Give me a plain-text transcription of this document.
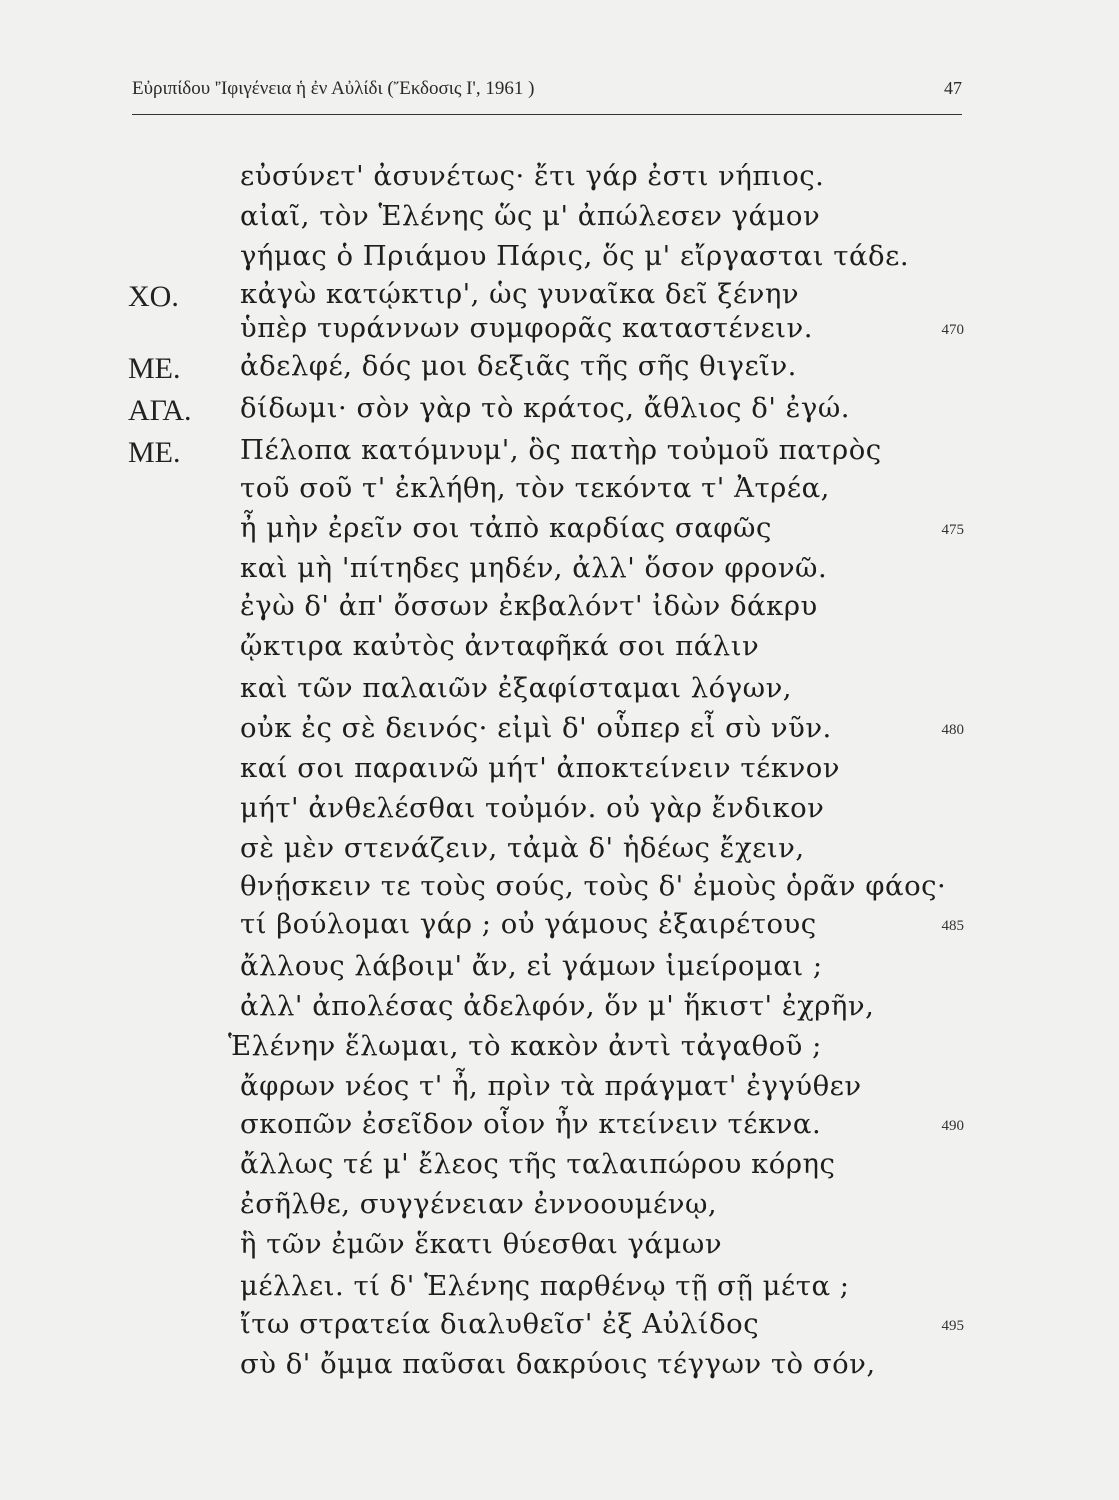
Εὐριπίδου 'Ἰφιγένεια ἡ ἐν Αὐλίδι (Ἔκδοσις Ι', 1961 )	47
εὐσύνετ' ἀσυνέτως· ἔτι γάρ ἐστι νήπιος.
αἰαῖ, τὸν Ἑλένης ὥς μ' ἀπώλεσεν γάμον
γήμας ὁ Πριάμου Πάρις, ὅς μ' εἴργασται τάδε.
ΧΟ. κἀγὼ κατῴκτιρ', ὡς γυναῖκα δεῖ ξένην
ὑπὲρ τυράννων συμφορᾶς καταστένειν.	470
ΜΕ. ἀδελφέ, δός μοι δεξιᾶς τῆς σῆς θιγεῖν.
ΑΓΑ. δίδωμι· σὸν γὰρ τὸ κράτος, ἄθλιος δ' ἐγώ.
ΜΕ. Πέλοπα κατόμνυμ', ὃς πατὴρ τοὐμοῦ πατρὸς
τοῦ σοῦ τ' ἐκλήθη, τὸν τεκόντα τ' Ἀτρέα,
ἦ μὴν ἐρεῖν σοι τἀπὸ καρδίας σαφῶς	475
καὶ μὴ 'πίτηδες μηδέν, ἀλλ' ὅσον φρονῶ.
ἐγὼ δ' ἀπ' ὄσσων ἐκβαλόντ' ἰδὼν δάκρυ
ᾤκτιρα καὐτὸς ἀνταφῆκά σοι πάλιν
καὶ τῶν παλαιῶν ἐξαφίσταμαι λόγων,
οὐκ ἐς σὲ δεινός· εἰμὶ δ' οὗπερ εἶ σὺ νῦν.	480
καί σοι παραινῶ μήτ' ἀποκτείνειν τέκνον
μήτ' ἀνθελέσθαι τοὐμόν. οὐ γὰρ ἔνδικον
σὲ μὲν στενάζειν, τἀμὰ δ' ἡδέως ἔχειν,
θνῄσκειν τε τοὺς σούς, τοὺς δ' ἐμοὺς ὁρᾶν φάος·
τί βούλομαι γάρ ; οὐ γάμους ἐξαιρέτους	485
ἄλλους λάβοιμ' ἄν, εἰ γάμων ἱμείρομαι ;
ἀλλ' ἀπολέσας ἀδελφόν, ὅν μ' ἥκιστ' ἐχρῆν,
Ἑλένην ἕλωμαι, τὸ κακὸν ἀντὶ τἀγαθοῦ ;
ἄφρων νέος τ' ἦ, πρὶν τὰ πράγματ' ἐγγύθεν
σκοπῶν ἐσεῖδον οἷον ἦν κτείνειν τέκνα.	490
ἄλλως τέ μ' ἔλεος τῆς ταλαιπώρου κόρης
ἐσῆλθε, συγγένειαν ἐννοουμένῳ,
ἣ τῶν ἐμῶν ἕκατι θύεσθαι γάμων
μέλλει. τί δ' Ἑλένης παρθένῳ τῇ σῇ μέτα ;
ἴτω στρατεία διαλυθεῖσ' ἐξ Αὐλίδος	495
σὺ δ' ὄμμα παῦσαι δακρύοις τέγγων τὸ σόν,
